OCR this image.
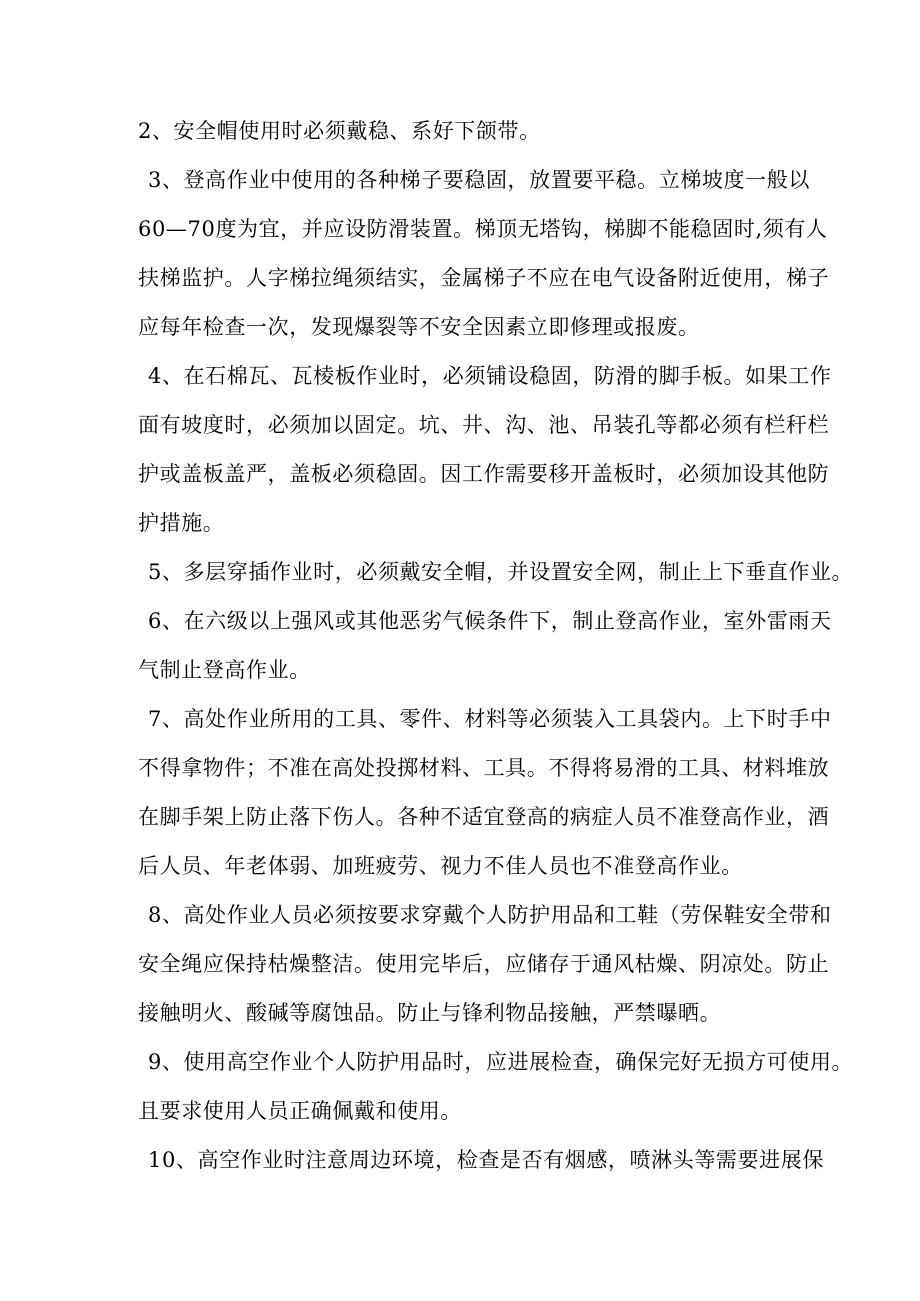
2、安全帽使用时必须戴稳、系好下颌带。
3、登高作业中使用的各种梯子要稳固，放置要平稳。立梯坡度一般以
60—70度为宜，并应设防滑装置。梯顶无塔钩，梯脚不能稳固时,须有人
扶梯监护。人字梯拉绳须结实，金属梯子不应在电气设备附近使用，梯子
应每年检查一次，发现爆裂等不安全因素立即修理或报废。
4、在石棉瓦、瓦棱板作业时，必须铺设稳固，防滑的脚手板。如果工作
面有坡度时，必须加以固定。坑、井、沟、池、吊装孔等都必须有栏秆栏
护或盖板盖严，盖板必须稳固。因工作需要移开盖板时，必须加设其他防
护措施。
5、多层穿插作业时，必须戴安全帽，并设置安全网，制止上下垂直作业。
6、在六级以上强风或其他恶劣气候条件下，制止登高作业，室外雷雨天
气制止登高作业。
7、高处作业所用的工具、零件、材料等必须装入工具袋内。上下时手中
不得拿物件；不准在高处投掷材料、工具。不得将易滑的工具、材料堆放
在脚手架上防止落下伤人。各种不适宜登高的病症人员不准登高作业，酒
后人员、年老体弱、加班疲劳、视力不佳人员也不准登高作业。
8、高处作业人员必须按要求穿戴个人防护用品和工鞋（劳保鞋安全带和
安全绳应保持枯燥整洁。使用完毕后，应储存于通风枯燥、阴凉处。防止
接触明火、酸碱等腐蚀品。防止与锋利物品接触，严禁曝晒。
9、使用高空作业个人防护用品时，应进展检查，确保完好无损方可使用。
且要求使用人员正确佩戴和使用。
10、高空作业时注意周边环境，检查是否有烟感，喷淋头等需要进展保
